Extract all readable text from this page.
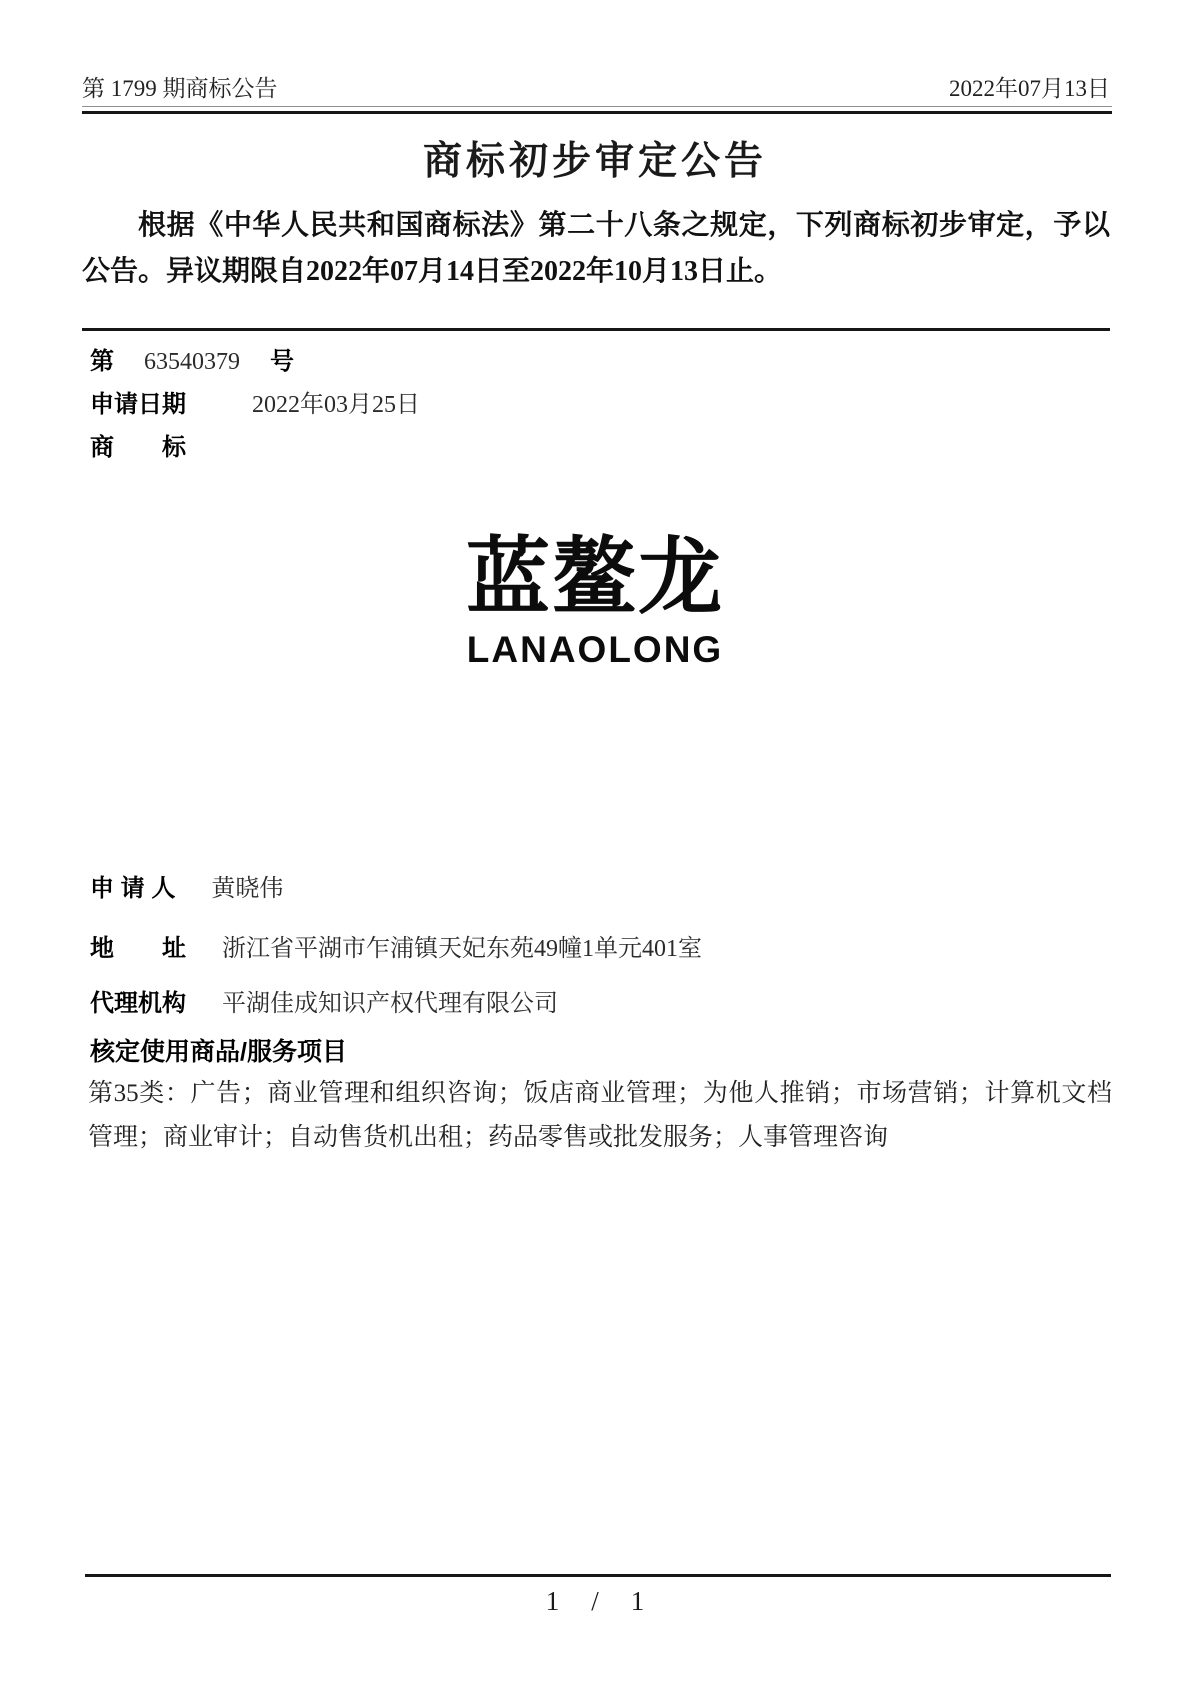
第 1799 期商标公告	2022年07月13日
商标初步审定公告

根据《中华人民共和国商标法》第二十八条之规定，下列商标初步审定，予以公告。异议期限自2022年07月14日至2022年10月13日止。

第 63540379 号
申请日期	2022年03月25日
商　　标
蓝鳌龙
LANAOLONG
申 请 人 黄晓伟
地　　址 浙江省平湖市乍浦镇天妃东苑49幢1单元401室
代理机构 平湖佳成知识产权代理有限公司
核定使用商品/服务项目

第35类：广告；商业管理和组织咨询；饭店商业管理；为他人推销；市场营销；计算机文档管理；商业审计；自动售货机出租；药品零售或批发服务；人事管理咨询

1 / 1
